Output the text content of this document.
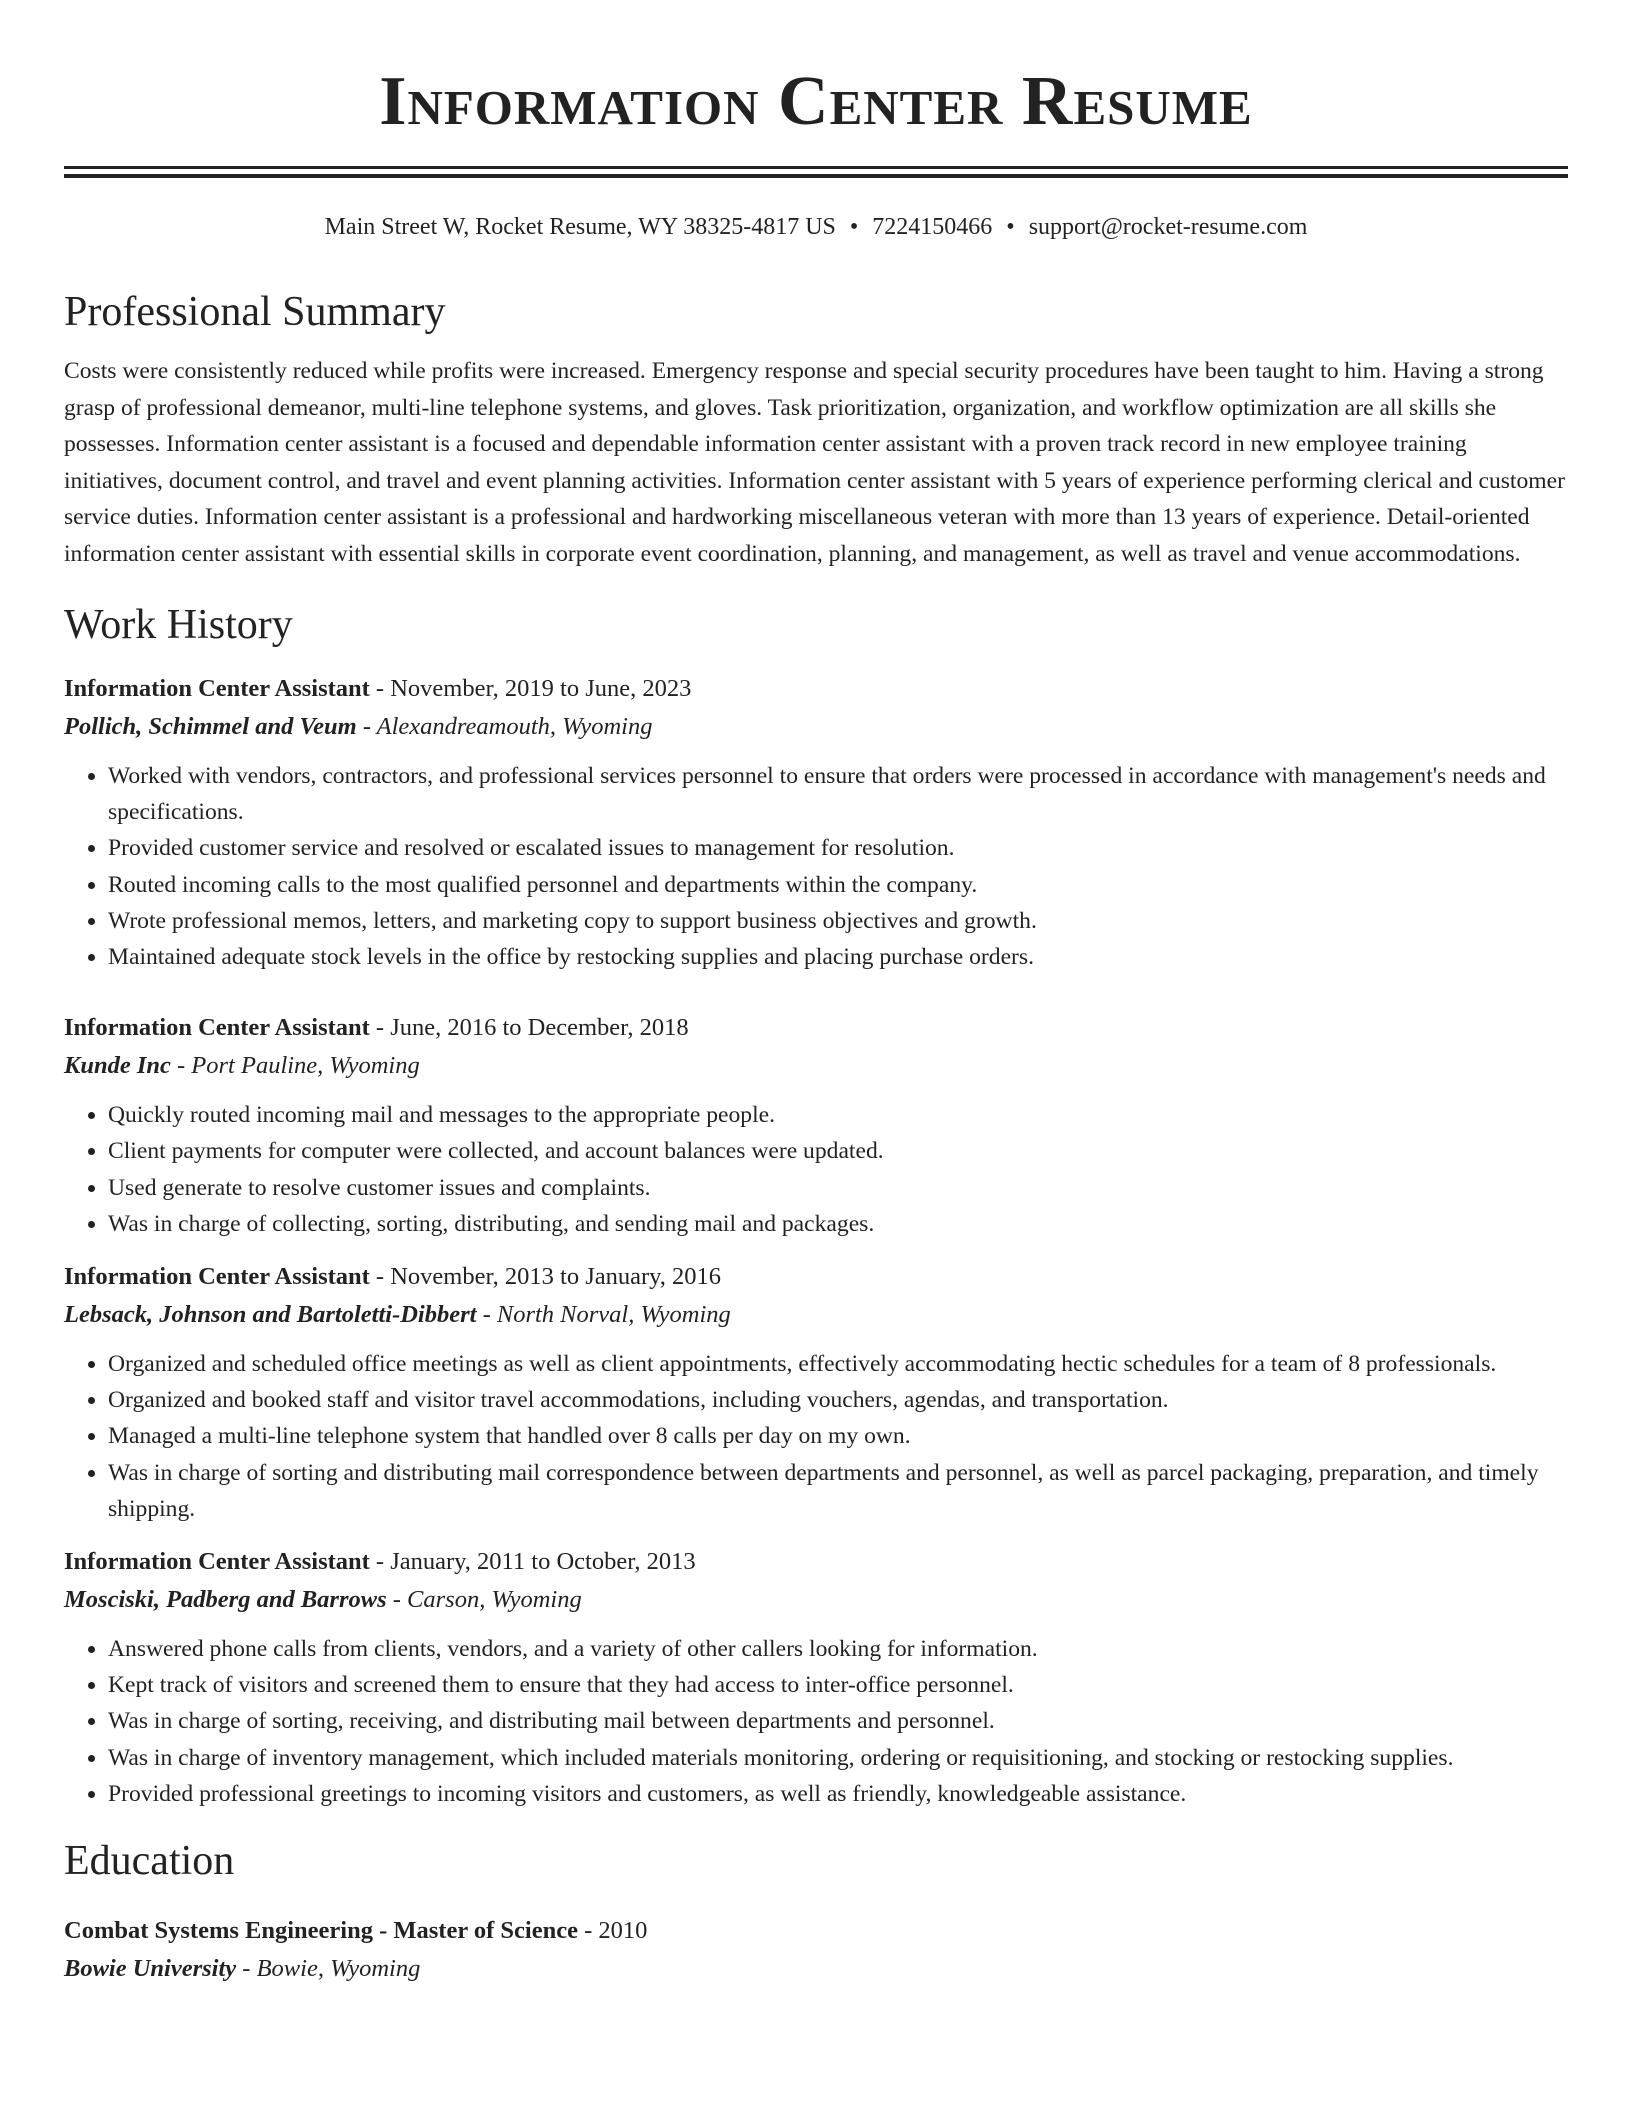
Information Center Resume
Main Street W, Rocket Resume, WY 38325-4817 US • 7224150466 • support@rocket-resume.com
Professional Summary

Costs were consistently reduced while profits were increased. Emergency response and special security procedures have been taught to him. Having a strong grasp of professional demeanor, multi-line telephone systems, and gloves. Task prioritization, organization, and workflow optimization are all skills she possesses. Information center assistant is a focused and dependable information center assistant with a proven track record in new employee training initiatives, document control, and travel and event planning activities. Information center assistant with 5 years of experience performing clerical and customer service duties. Information center assistant is a professional and hardworking miscellaneous veteran with more than 13 years of experience. Detail-oriented information center assistant with essential skills in corporate event coordination, planning, and management, as well as travel and venue accommodations.

Work History
Information Center Assistant - November, 2019 to June, 2023
Pollich, Schimmel and Veum - Alexandreamouth, Wyoming
• Worked with vendors, contractors, and professional services personnel to ensure that orders were processed in accordance with management's needs and specifications.
• Provided customer service and resolved or escalated issues to management for resolution.
• Routed incoming calls to the most qualified personnel and departments within the company.
• Wrote professional memos, letters, and marketing copy to support business objectives and growth.
• Maintained adequate stock levels in the office by restocking supplies and placing purchase orders.
Information Center Assistant - June, 2016 to December, 2018
Kunde Inc - Port Pauline, Wyoming
• Quickly routed incoming mail and messages to the appropriate people.
• Client payments for computer were collected, and account balances were updated.
• Used generate to resolve customer issues and complaints.
• Was in charge of collecting, sorting, distributing, and sending mail and packages.
Information Center Assistant - November, 2013 to January, 2016
Lebsack, Johnson and Bartoletti-Dibbert - North Norval, Wyoming
• Organized and scheduled office meetings as well as client appointments, effectively accommodating hectic schedules for a team of 8 professionals.
• Organized and booked staff and visitor travel accommodations, including vouchers, agendas, and transportation.
• Managed a multi-line telephone system that handled over 8 calls per day on my own.
• Was in charge of sorting and distributing mail correspondence between departments and personnel, as well as parcel packaging, preparation, and timely shipping.
Information Center Assistant - January, 2011 to October, 2013
Mosciski, Padberg and Barrows - Carson, Wyoming
• Answered phone calls from clients, vendors, and a variety of other callers looking for information.
• Kept track of visitors and screened them to ensure that they had access to inter-office personnel.
• Was in charge of sorting, receiving, and distributing mail between departments and personnel.
• Was in charge of inventory management, which included materials monitoring, ordering or requisitioning, and stocking or restocking supplies.
• Provided professional greetings to incoming visitors and customers, as well as friendly, knowledgeable assistance.
Education
Combat Systems Engineering - Master of Science - 2010
Bowie University - Bowie, Wyoming
